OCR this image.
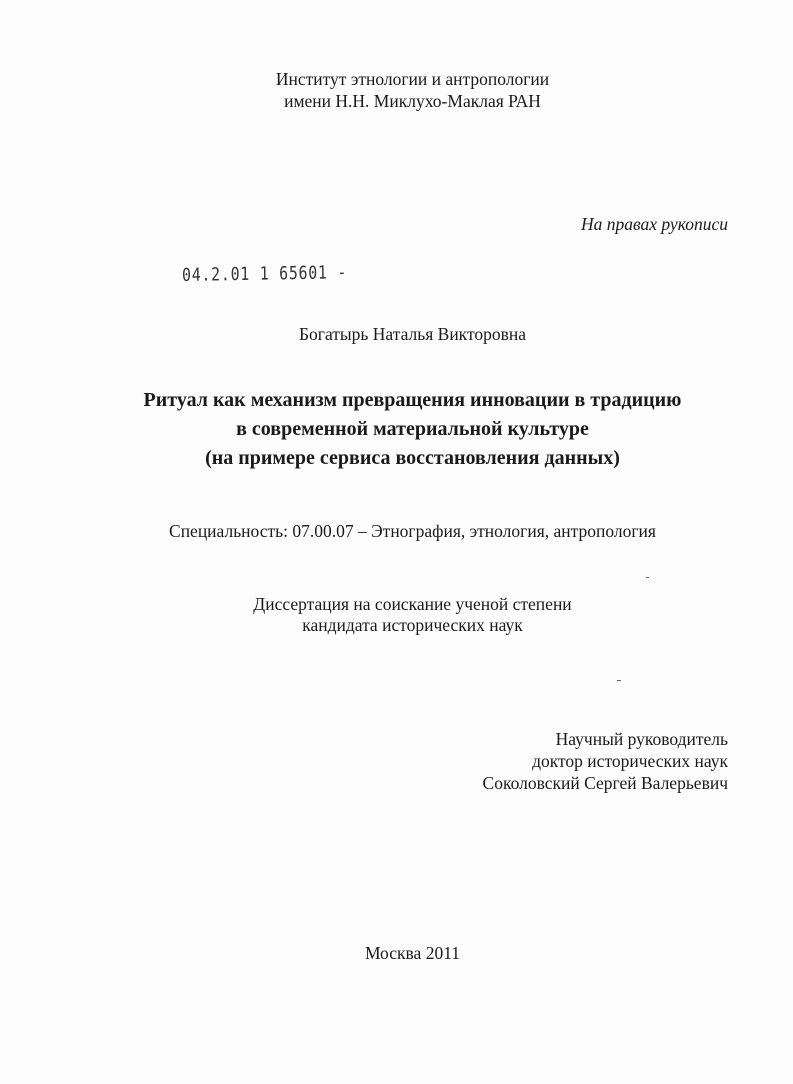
Институт этнологии и антропологии
имени Н.Н. Миклухо-Маклая РАН
На правах рукописи
04.2.01 1 65601 -
Богатырь Наталья Викторовна
Ритуал как механизм превращения инновации в традицию
в современной материальной культуре
(на примере сервиса восстановления данных)
Специальность: 07.00.07 – Этнография, этнология, антропология
Диссертация на соискание ученой степени
кандидата исторических наук
Научный руководитель
доктор исторических наук
Соколовский Сергей Валерьевич
Москва 2011
